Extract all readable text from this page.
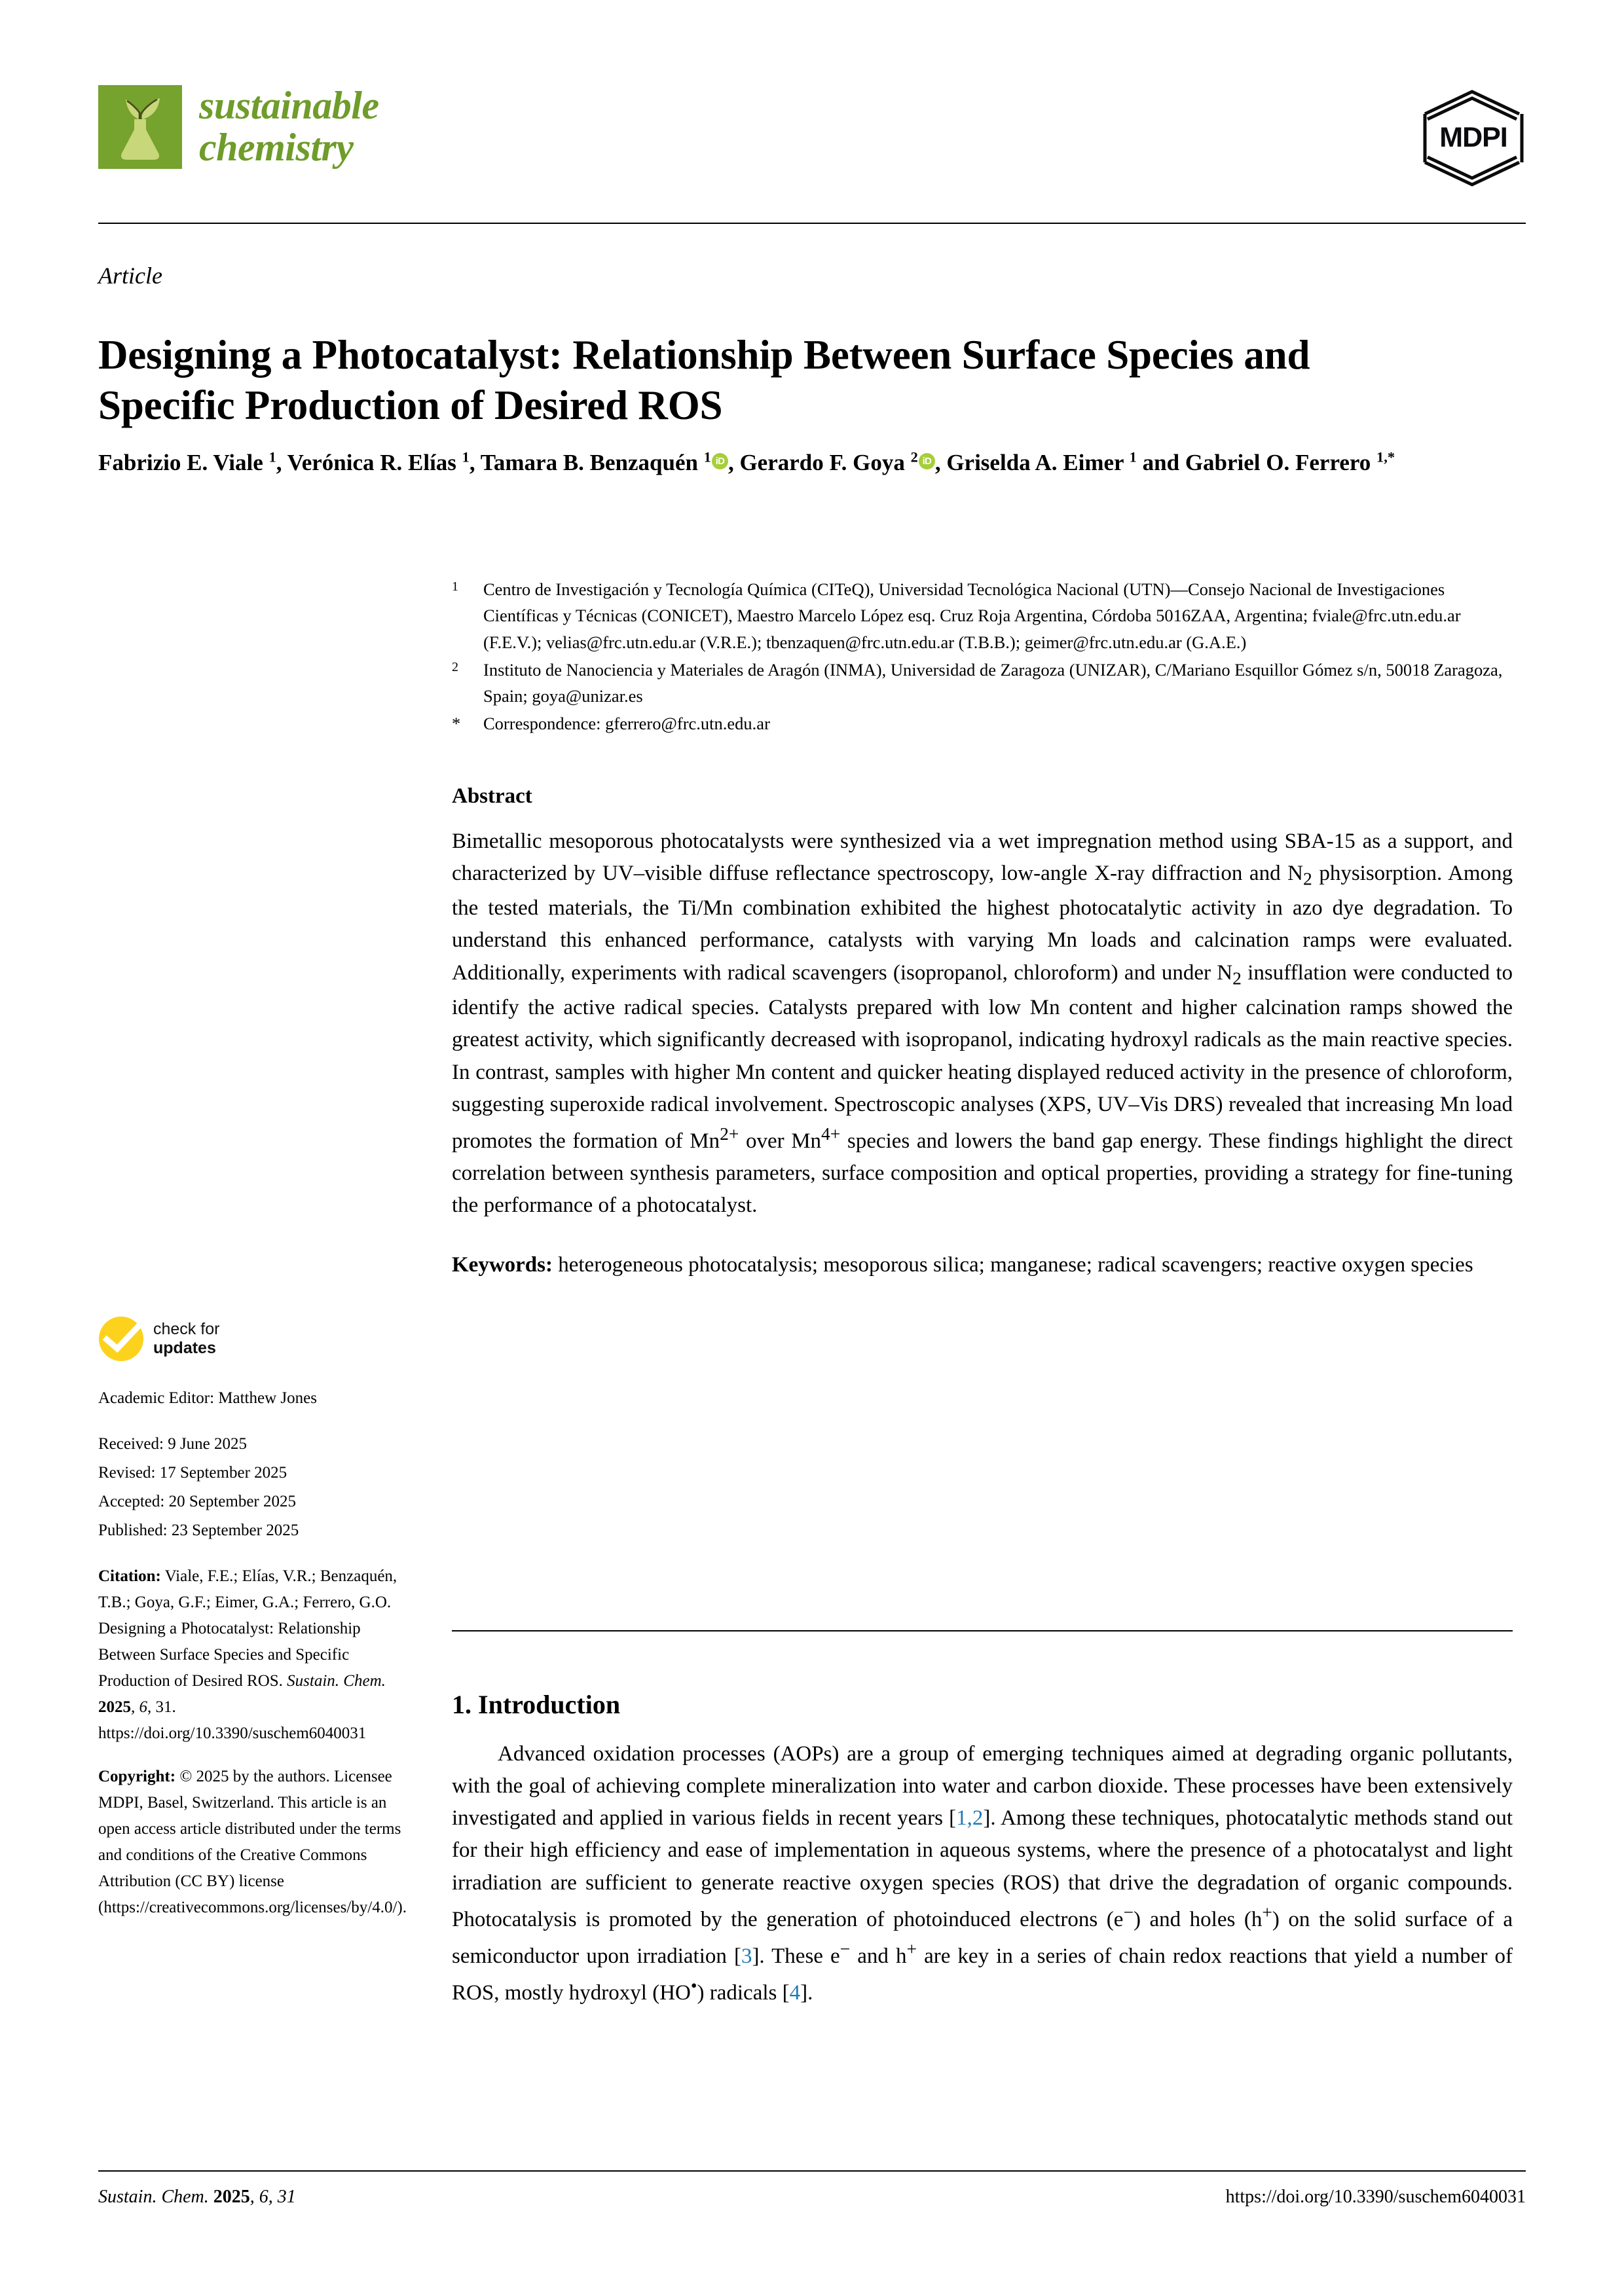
sustainable
chemistry	MDPI
Article
Designing a Photocatalyst: Relationship Between Surface Species and Specific Production of Desired ROS
Fabrizio E. Viale $^1$, Verónica R. Elías $^1$, Tamara B. Benzaquén $^1$ iD , Gerardo F. Goya $^2$ iD , Griselda A. Eimer $^1$ and Gabriel O. Ferrero $^{1,*}$
1	Centro de Investigación y Tecnología Química (CITeQ), Universidad Tecnológica Nacional (UTN)—Consejo Nacional de Investigaciones Científicas y Técnicas (CONICET), Maestro Marcelo López esq. Cruz Roja Argentina, Córdoba 5016ZAA, Argentina; fviale@frc.utn.edu.ar (F.E.V.); velias@frc.utn.edu.ar (V.R.E.); tbenzaquen@frc.utn.edu.ar (T.B.B.); geimer@frc.utn.edu.ar (G.A.E.)
2	Instituto de Nanociencia y Materiales de Aragón (INMA), Universidad de Zaragoza (UNIZAR), C/Mariano Esquillor Gómez s/n, 50018 Zaragoza, Spain; goya@unizar.es
*	Correspondence: gferrero@frc.utn.edu.ar
Abstract
Bimetallic mesoporous photocatalysts were synthesized via a wet impregnation method using SBA-15 as a support, and characterized by UV–visible diffuse reflectance spectroscopy, low-angle X-ray diffraction and $N_2$ physisorption. Among the tested materials, the Ti/Mn combination exhibited the highest photocatalytic activity in azo dye degradation. To understand this enhanced performance, catalysts with varying Mn loads and calcination ramps were evaluated. Additionally, experiments with radical scavengers (isopropanol, chloroform) and under $N_2$ insufflation were conducted to identify the active radical species. Catalysts prepared with low Mn content and higher calcination ramps showed the greatest activity, which significantly decreased with isopropanol, indicating hydroxyl radicals as the main reactive species. In contrast, samples with higher Mn content and quicker heating displayed reduced activity in the presence of chloroform, suggesting superoxide radical involvement. Spectroscopic analyses (XPS, UV–Vis DRS) revealed that increasing Mn load promotes the formation of $Mn^{2+}$ over $Mn^{4+}$ species and lowers the band gap energy. These findings highlight the direct correlation between synthesis parameters, surface composition and optical properties, providing a strategy for fine-tuning the performance of a photocatalyst.
Keywords: heterogeneous photocatalysis; mesoporous silica; manganese; radical scavengers; reactive oxygen species
1. Introduction
Advanced oxidation processes (AOPs) are a group of emerging techniques aimed at degrading organic pollutants, with the goal of achieving complete mineralization into water and carbon dioxide. These processes have been extensively investigated and applied in various fields in recent years [1,2]. Among these techniques, photocatalytic methods stand out for their high efficiency and ease of implementation in aqueous systems, where the presence of a photocatalyst and light irradiation are sufficient to generate reactive oxygen species (ROS) that drive the degradation of organic compounds. Photocatalysis is promoted by the generation of photoinduced electrons (e−) and holes (h+) on the solid surface of a semiconductor upon irradiation [3]. These e− and h+ are key in a series of chain redox reactions that yield a number of ROS, mostly hydroxyl (HO•) radicals [4].
check for
updates
Academic Editor: Matthew Jones
Received: 9 June 2025
Revised: 17 September 2025
Accepted: 20 September 2025
Published: 23 September 2025
Citation: Viale, F.E.; Elías, V.R.; Benzaquén, T.B.; Goya, G.F.; Eimer, G.A.; Ferrero, G.O. Designing a Photocatalyst: Relationship Between Surface Species and Specific Production of Desired ROS. Sustain. Chem. 2025, 6, 31. https://doi.org/10.3390/suschem6040031
Copyright: © 2025 by the authors. Licensee MDPI, Basel, Switzerland. This article is an open access article distributed under the terms and conditions of the Creative Commons Attribution (CC BY) license (https://creativecommons.org/licenses/by/4.0/).
Sustain. Chem. 2025, 6, 31	https://doi.org/10.3390/suschem6040031
